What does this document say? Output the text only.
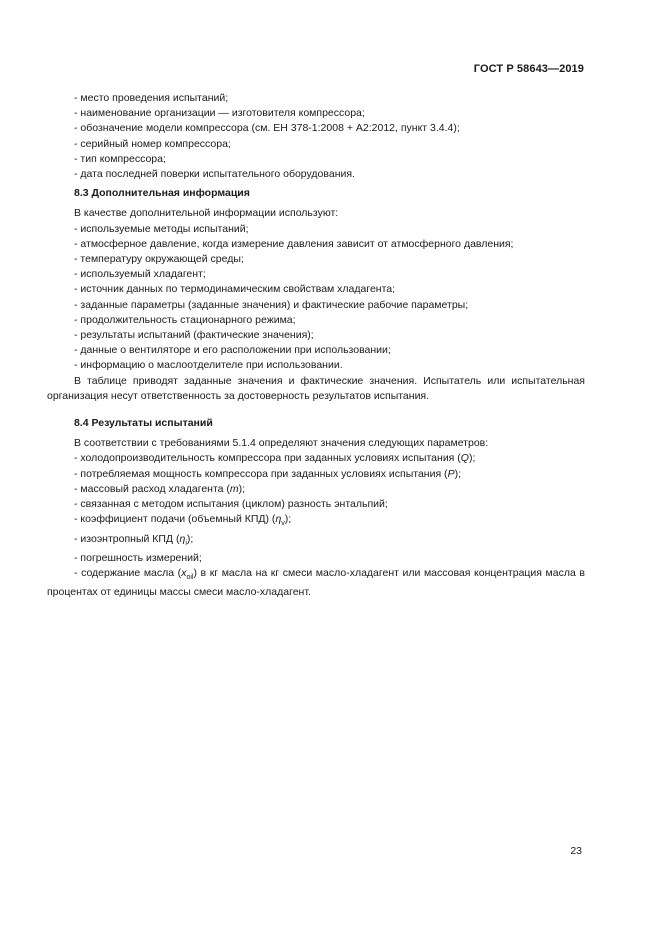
ГОСТ Р 58643—2019

- место проведения испытаний;

- наименование организации — изготовителя компрессора;

- обозначение модели компрессора (см. ЕН 378-1:2008 + А2:2012, пункт 3.4.4);

- серийный номер компрессора;

- тип компрессора;

- дата последней поверки испытательного оборудования.

8.3 Дополнительная информация

В качестве дополнительной информации используют:

- используемые методы испытаний;

- атмосферное давление, когда измерение давления зависит от атмосферного давления;

- температуру окружающей среды;

- используемый хладагент;

- источник данных по термодинамическим свойствам хладагента;

- заданные параметры (заданные значения) и фактические рабочие параметры;

- продолжительность стационарного режима;

- результаты испытаний (фактические значения);

- данные о вентиляторе и его расположении при использовании;

- информацию о маслоотделителе при использовании.

В таблице приводят заданные значения и фактические значения. Испытатель или испытательная организация несут ответственность за достоверность результатов испытания.

8.4 Результаты испытаний

В соответствии с требованиями 5.1.4 определяют значения следующих параметров:

- холодопроизводительность компрессора при заданных условиях испытания (Q);

- потребляемая мощность компрессора при заданных условиях испытания (P);

- массовый расход хладагента (m);

- связанная с методом испытания (циклом) разность энтальпий;

- коэффициент подачи (объемный КПД) $(\eta_v)$;

- изоэнтропный КПД $(\eta_i)$;

- погрешность измерений;

- содержание масла $(x_{oil})$ в кг масла на кг смеси масло-хладагент или массовая концентрация масла в процентах от единицы массы смеси масло-хладагент.

23
